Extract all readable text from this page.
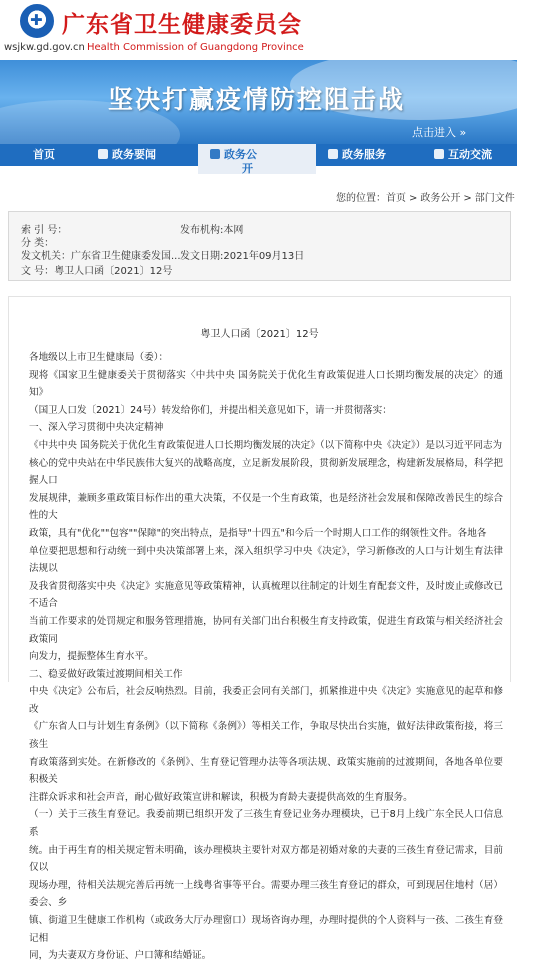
✚
广东省卫生健康委员会
wsjkw.gd.gov.cn Health Commission of Guangdong Province
坚决打赢疫情防控阻击战
点击进入 »
首页	政务要闻	政务公
开
政务服务	互动交流
您的位置：首页 > 政务公开 > 部门文件
索 引 号：	发布机构:本网
分 类：
发文机关：广东省卫生健康委发国... 发文日期:2021年09月13日
文 号：粤卫人口函〔2021〕12号
粤卫人口函〔2021〕12号
各地级以上市卫生健康局（委）：
现将《国家卫生健康委关于贯彻落实〈中共中央 国务院关于优化生育政策促进人口长期均衡发展的决定〉的通知》
（国卫人口发〔2021〕24号）转发给你们，并提出相关意见如下，请一并贯彻落实：
一、深入学习贯彻中央决定精神
《中共中央 国务院关于优化生育政策促进人口长期均衡发展的决定》（以下简称中央《决定》）是以习近平同志为
核心的党中央站在中华民族伟大复兴的战略高度，立足新发展阶段，贯彻新发展理念，构建新发展格局，科学把握人口
发展规律，兼顾多重政策目标作出的重大决策，不仅是一个生育政策，也是经济社会发展和保障改善民生的综合性的大
政策，具有"优化""包容""保障"的突出特点，是指导"十四五"和今后一个时期人口工作的纲领性文件。各地各
单位要把思想和行动统一到中央决策部署上来，深入组织学习中央《决定》，学习新修改的人口与计划生育法律法规以
及我省贯彻落实中央《决定》实施意见等政策精神，认真梳理以往制定的计划生育配套文件，及时废止或修改已不适合
当前工作要求的处罚规定和服务管理措施，协同有关部门出台积极生育支持政策，促进生育政策与相关经济社会政策同
向发力，提振整体生育水平。
二、稳妥做好政策过渡期间相关工作
中央《决定》公布后，社会反响热烈。目前，我委正会同有关部门，抓紧推进中央《决定》实施意见的起草和修改
《广东省人口与计划生育条例》（以下简称《条例》）等相关工作，争取尽快出台实施，做好法律政策衔接，将三孩生
育政策落到实处。在新修改的《条例》、生育登记管理办法等各项法规、政策实施前的过渡期间，各地各单位要积极关
注群众诉求和社会声音，耐心做好政策宣讲和解读，积极为育龄夫妻提供高效的生育服务。
（一）关于三孩生育登记。我委前期已组织开发了三孩生育登记业务办理模块，已于8月上线广东全民人口信息系
统。由于再生育的相关规定暂未明确，该办理模块主要针对双方都是初婚对象的夫妻的三孩生育登记需求，目前仅以
现场办理，待相关法规完善后再统一上线粤省事等平台。需要办理三孩生育登记的群众，可到现居住地村（居）委会、乡
镇、街道卫生健康工作机构（或政务大厅办理窗口）现场咨询办理，办理时提供的个人资料与一孩、二孩生育登记相
同，为夫妻双方身份证、户口簿和结婚证。
